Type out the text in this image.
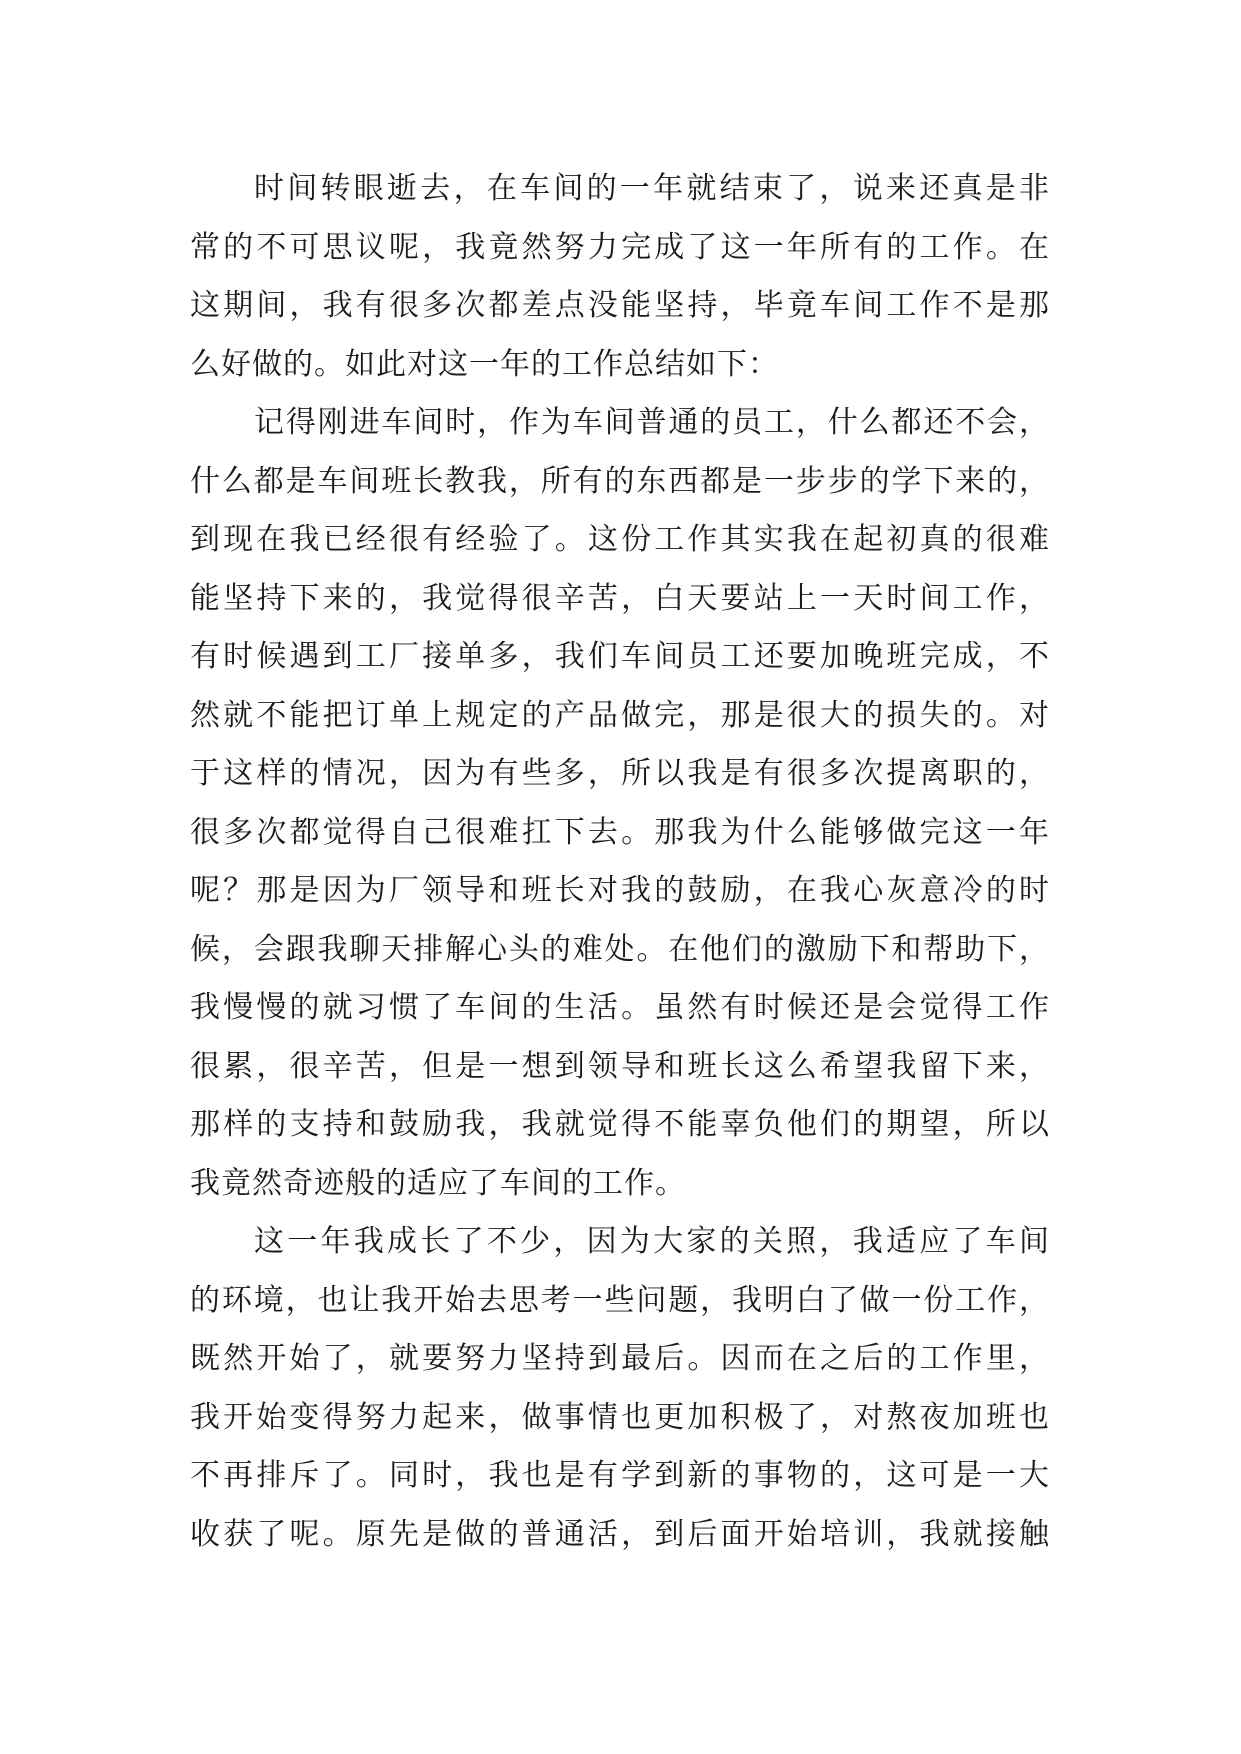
时间转眼逝去，在车间的一年就结束了，说来还真是非
常的不可思议呢，我竟然努力完成了这一年所有的工作。在
这期间，我有很多次都差点没能坚持，毕竟车间工作不是那
么好做的。如此对这一年的工作总结如下：
记得刚进车间时，作为车间普通的员工，什么都还不会，
什么都是车间班长教我，所有的东西都是一步步的学下来的，
到现在我已经很有经验了。这份工作其实我在起初真的很难
能坚持下来的，我觉得很辛苦，白天要站上一天时间工作，
有时候遇到工厂接单多，我们车间员工还要加晚班完成，不
然就不能把订单上规定的产品做完，那是很大的损失的。对
于这样的情况，因为有些多，所以我是有很多次提离职的，
很多次都觉得自己很难扛下去。那我为什么能够做完这一年
呢？那是因为厂领导和班长对我的鼓励，在我心灰意冷的时
候，会跟我聊天排解心头的难处。在他们的激励下和帮助下，
我慢慢的就习惯了车间的生活。虽然有时候还是会觉得工作
很累，很辛苦，但是一想到领导和班长这么希望我留下来，
那样的支持和鼓励我，我就觉得不能辜负他们的期望，所以
我竟然奇迹般的适应了车间的工作。
这一年我成长了不少，因为大家的关照，我适应了车间
的环境，也让我开始去思考一些问题，我明白了做一份工作，
既然开始了，就要努力坚持到最后。因而在之后的工作里，
我开始变得努力起来，做事情也更加积极了，对熬夜加班也
不再排斥了。同时，我也是有学到新的事物的，这可是一大
收获了呢。原先是做的普通活，到后面开始培训，我就接触
